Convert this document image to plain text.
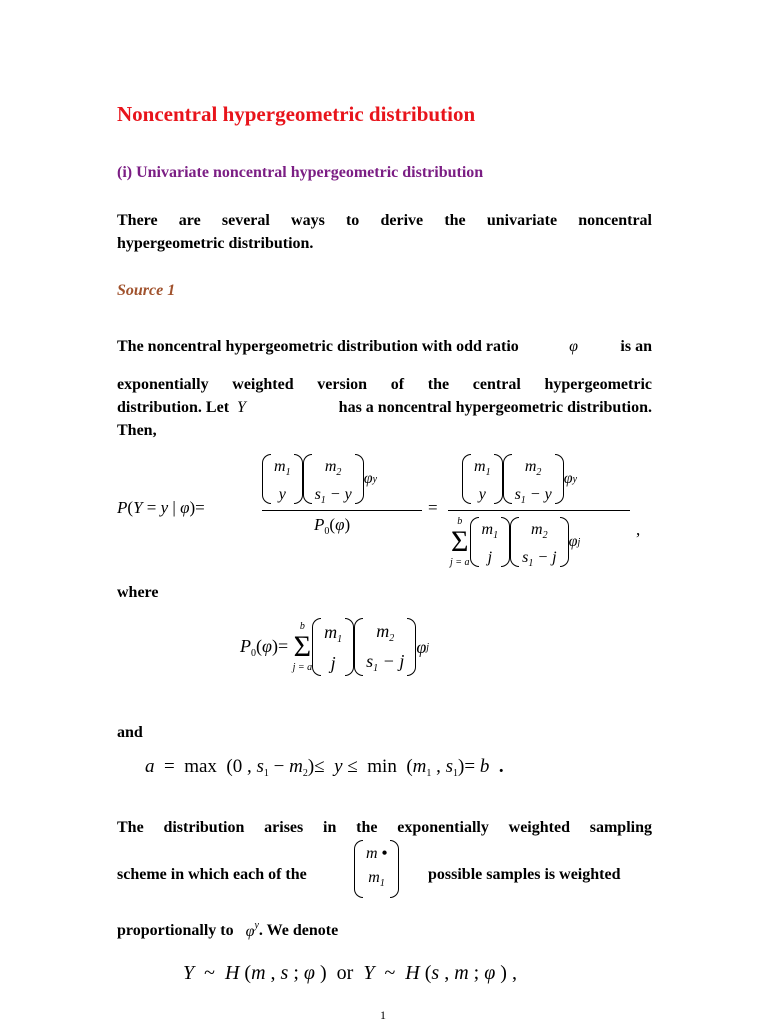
Noncentral hypergeometric distribution
(i) Univariate noncentral hypergeometric distribution
There are several ways to derive the univariate noncentral
hypergeometric distribution.
Source 1
The noncentral hypergeometric distribution with odd ratio	φ	is an
exponentially weighted version of the central hypergeometric
distribution. Let Y	has a noncentral hypergeometric distribution.
Then,
P(Y = y | φ)=
$m_1$
y
$m_2$
$s_1 - y$
φ y
$P_0(\varphi)$
=
$m_1$
y
$m_2$
$s_1 - y$
φ y
b
Σ
j = a
$m_1$
j
$m_2$
$s_1 - j$
φ j
,
where
$P_0(\varphi)=$
b
Σ
j = a
$m_1$
j
$m_2$
$s_1 - j$
φ j
and
a  =  max  (0 , $s_1 - m_2)\le y \le \min (m_1$ , $s_1)= b$ .
The distribution arises in the exponentially weighted sampling
scheme in which each of the
m •
$m_1$
possible samples is weighted
proportionally to $\varphi^y$ . We denote
Y  ~  H (m , s ; φ )  or Y  ~  H (s , m ; φ ) ,
1
